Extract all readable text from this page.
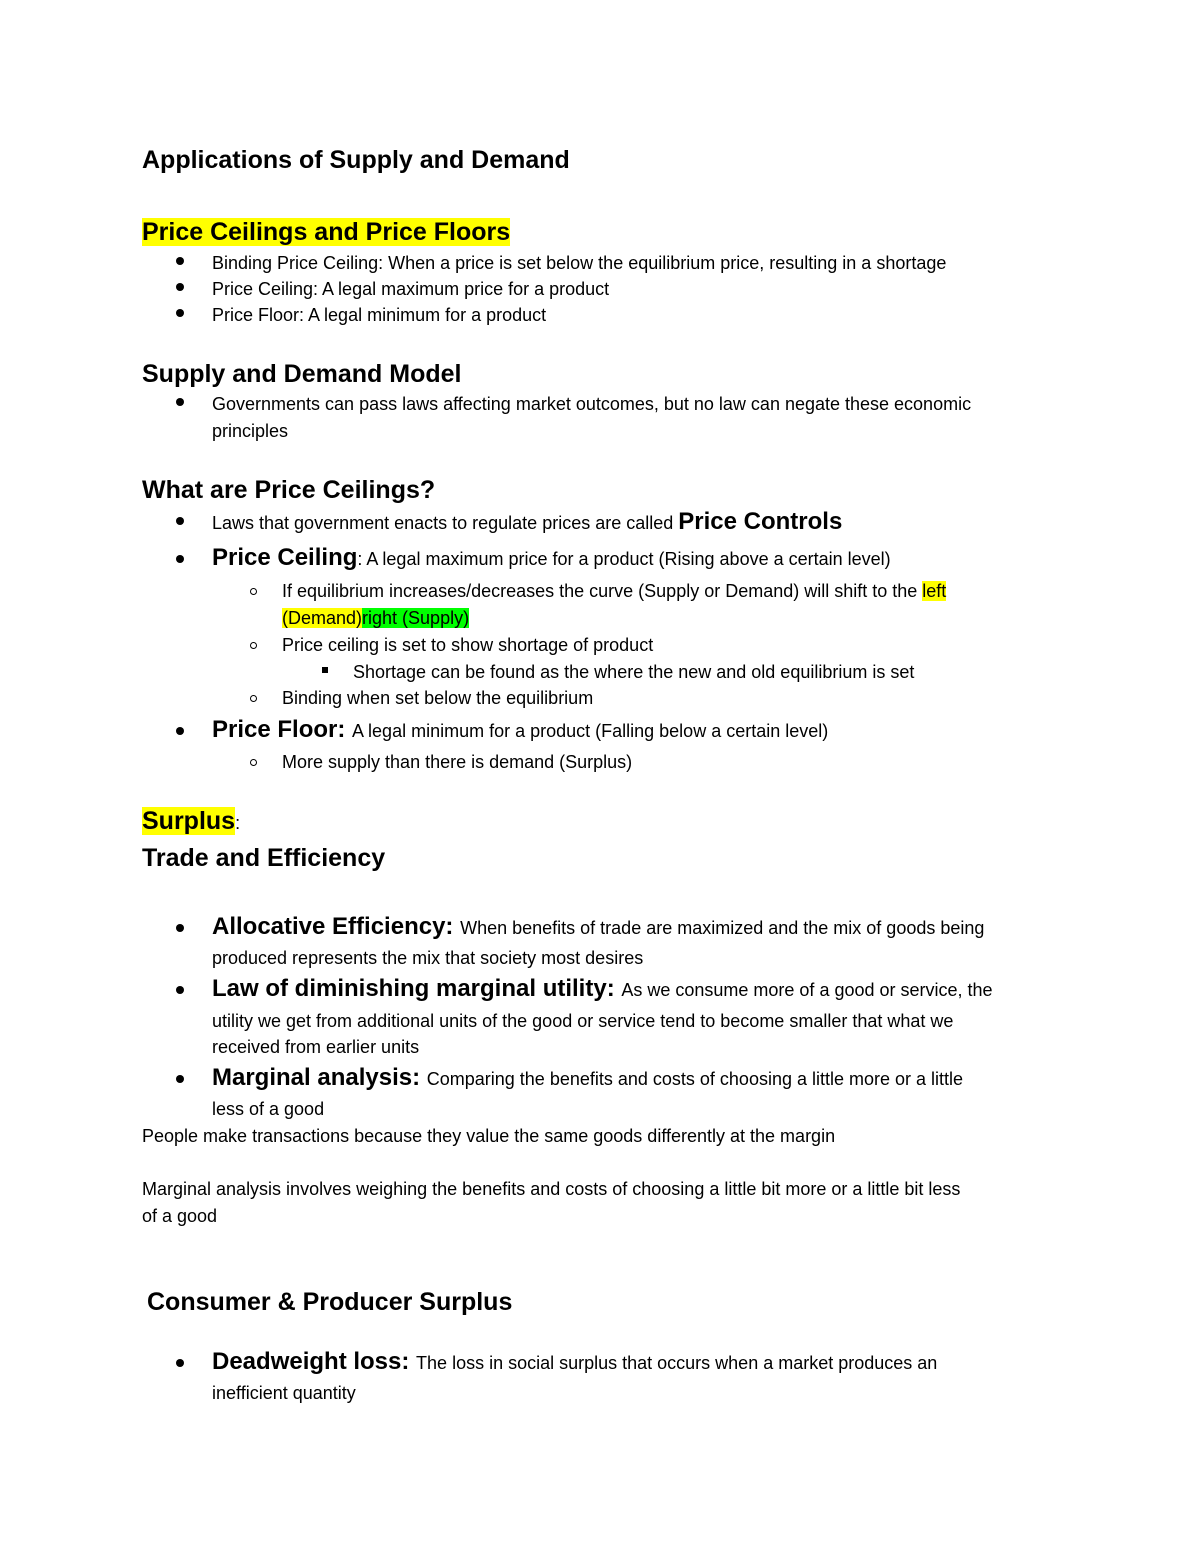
Applications of Supply and Demand
Price Ceilings and Price Floors
Binding Price Ceiling: When a price is set below the equilibrium price, resulting in a shortage
Price Ceiling: A legal maximum price for a product
Price Floor: A legal minimum for a product
Supply and Demand Model
Governments can pass laws affecting market outcomes, but no law can negate these economic
principles
What are Price Ceilings?
Laws that government enacts to regulate prices are called Price Controls
Price Ceiling: A legal maximum price for a product (Rising above a certain level)
If equilibrium increases/decreases the curve (Supply or Demand) will shift to the left
(Demand)right (Supply)
Price ceiling is set to show shortage of product
Shortage can be found as the where the new and old equilibrium is set
Binding when set below the equilibrium
Price Floor: A legal minimum for a product (Falling below a certain level)
More supply than there is demand (Surplus)
Surplus:
Trade and Efficiency
Allocative Efficiency: When benefits of trade are maximized and the mix of goods being
produced represents the mix that society most desires
Law of diminishing marginal utility: As we consume more of a good or service, the
utility we get from additional units of the good or service tend to become smaller that what we
received from earlier units
Marginal analysis: Comparing the benefits and costs of choosing a little more or a little
less of a good
People make transactions because they value the same goods differently at the margin
Marginal analysis involves weighing the benefits and costs of choosing a little bit more or a little bit less
of a good
Consumer & Producer Surplus
Deadweight loss: The loss in social surplus that occurs when a market produces an
inefficient quantity
